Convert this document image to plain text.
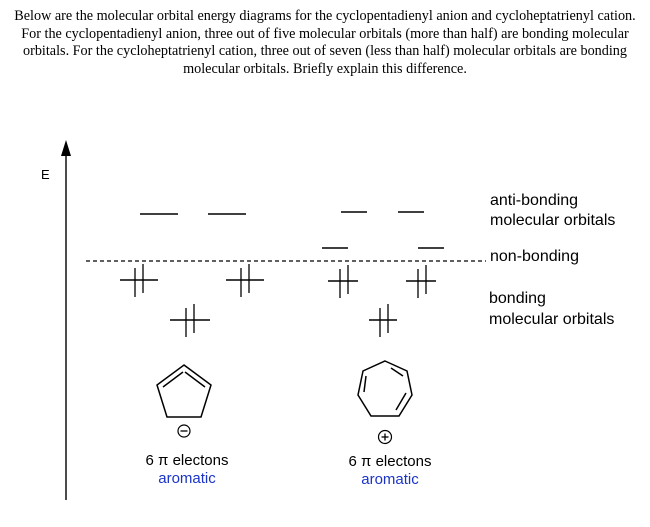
Below are the molecular orbital energy diagrams for the cyclopentadienyl anion and cycloheptatrienyl cation. For the cyclopentadienyl anion, three out of five molecular orbitals (more than half) are bonding molecular orbitals. For the cycloheptatrienyl cation, three out of seven (less than half) molecular orbitals are bonding molecular orbitals. Briefly explain this difference.

E
anti-bonding
molecular orbitals
non-bonding
bonding
molecular orbitals
6 π electons
aromatic
6 π electons
aromatic
